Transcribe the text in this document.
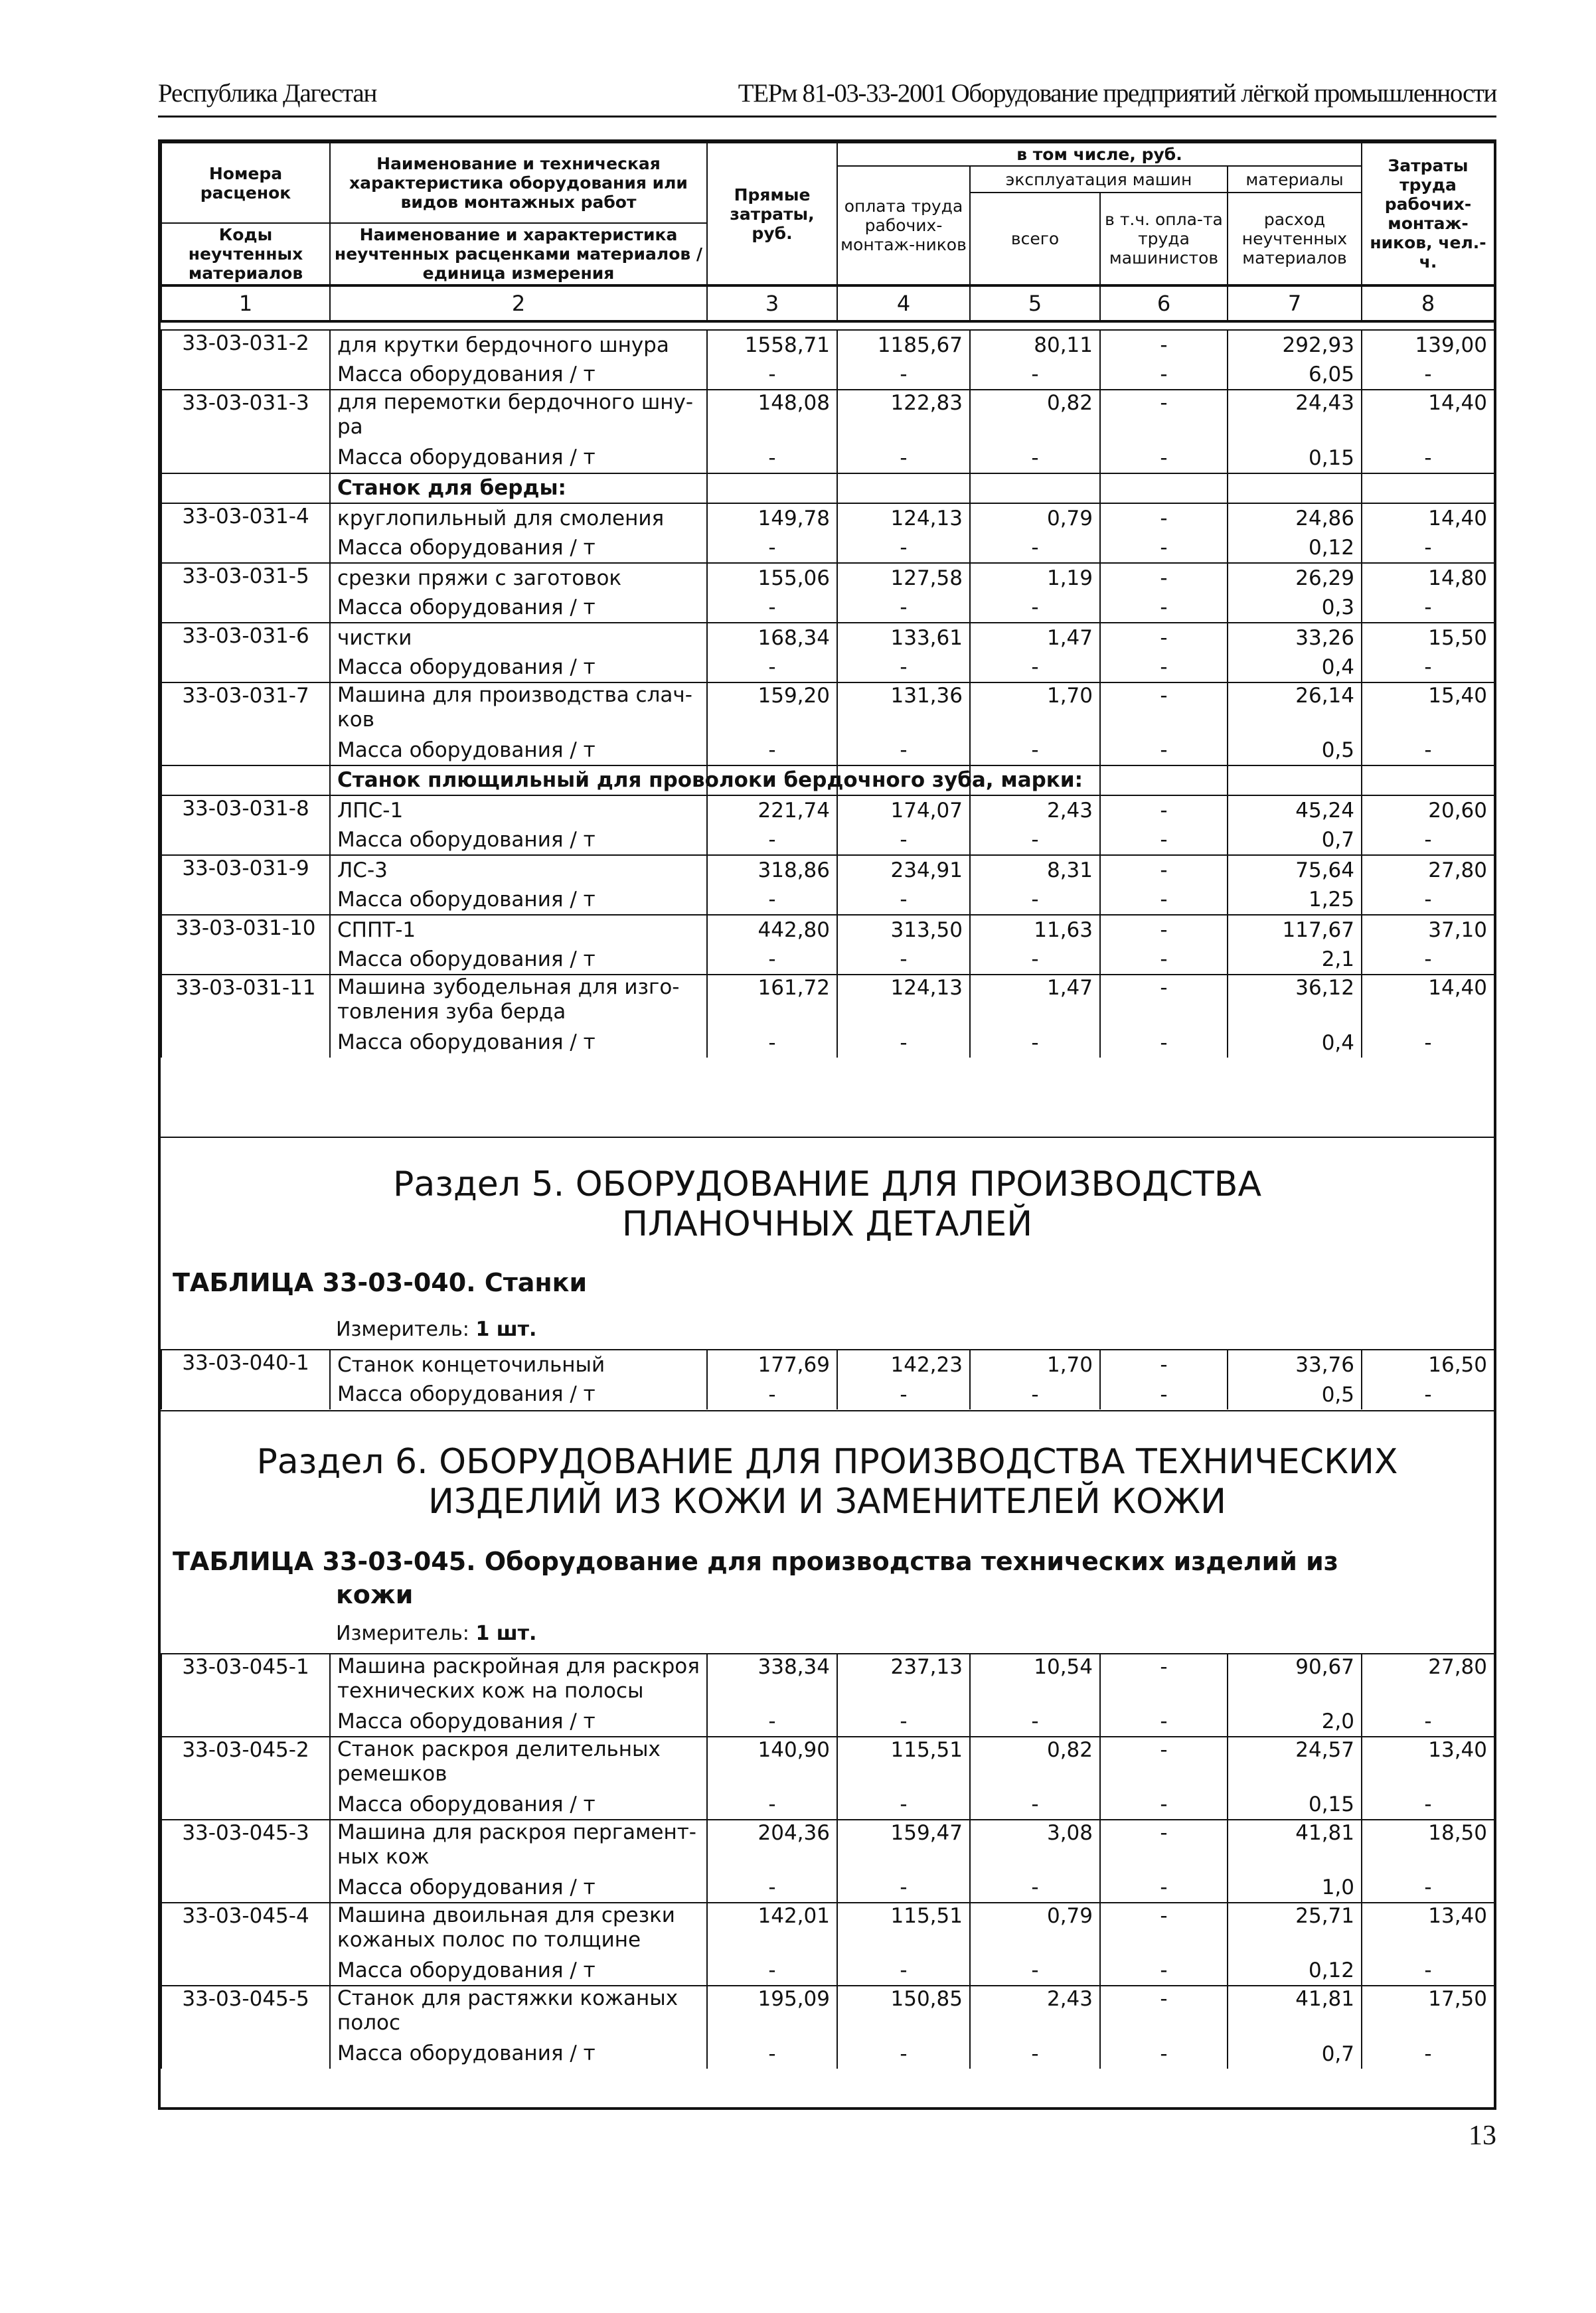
Республика Дагестан	ТЕРм 81-03-33-2001 Оборудование предприятий лёгкой промышленности
Номера расценок	Наименование и техническая характеристика оборудования или видов монтажных работ	Прямые затраты, руб.	в том числе, руб.				Затраты труда рабочих-монтаж-ников, чел.-ч.
			оплата труда рабочих-монтаж-ников	эксплуатация машин		материалы	
				всего	в т.ч. опла-та труда машинистов	расход неучтенных материалов	
Коды неучтенных материалов	Наименование и характеристика неучтенных расценками материалов / единица измерения						

1	2	3	4	5	6	7	8
33-03-031-2	для крутки бердочного шнура	1558,71	1185,67	80,11	-	292,93	139,00
	Масса оборудования / т	-	-	-	-	6,05	-
33-03-031-3	для перемотки бердочного шну-ра	148,08	122,83	0,82	-	24,43	14,40
	Масса оборудования / т	-	-	-	-	0,15	-

	Станок для берды:						
33-03-031-4	круглопильный для смоления	149,78	124,13	0,79	-	24,86	14,40
	Масса оборудования / т	-	-	-	-	0,12	-
33-03-031-5	срезки пряжи с заготовок	155,06	127,58	1,19	-	26,29	14,80
	Масса оборудования / т	-	-	-	-	0,3	-
33-03-031-6	чистки	168,34	133,61	1,47	-	33,26	15,50
	Масса оборудования / т	-	-	-	-	0,4	-
33-03-031-7	Машина для производства слач-ков	159,20	131,36	1,70	-	26,14	15,40
	Масса оборудования / т	-	-	-	-	0,5	-
	Станок плющильный для проволоки бердочного зуба, марки:						
33-03-031-8	ЛПС-1	221,74	174,07	2,43	-	45,24	20,60
	Масса оборудования / т	-	-	-	-	0,7	-
33-03-031-9	ЛС-3	318,86	234,91	8,31	-	75,64	27,80
	Масса оборудования / т	-	-	-	-	1,25	-
33-03-031-10	СППТ-1	442,80	313,50	11,63	-	117,67	37,10
	Масса оборудования / т	-	-	-	-	2,1	-
33-03-031-11	Машина зубодельная для изго-товления зуба берда	161,72	124,13	1,47	-	36,12	14,40
	Масса оборудования / т	-	-	-	-	0,4	-
Раздел 5. ОБОРУДОВАНИЕ ДЛЯ ПРОИЗВОДСТВА
ПЛАНОЧНЫХ ДЕТАЛЕЙ
ТАБЛИЦА 33-03-040. Станки
Измеритель: 1 шт.
33-03-040-1	Станок концеточильный	177,69	142,23	1,70	-	33,76	16,50
	Масса оборудования / т	-	-	-	-	0,5	-
Раздел 6. ОБОРУДОВАНИЕ ДЛЯ ПРОИЗВОДСТВА ТЕХНИЧЕСКИХ
ИЗДЕЛИЙ ИЗ КОЖИ И ЗАМЕНИТЕЛЕЙ КОЖИ
ТАБЛИЦА 33-03-045. Оборудование для производства технических изделий из
кожи
Измеритель: 1 шт.
33-03-045-1	Машина раскройная для раскроя технических кож на полосы	338,34	237,13	10,54	-	90,67	27,80
	Масса оборудования / т	-	-	-	-	2,0	-
33-03-045-2	Станок раскроя делительных ремешков	140,90	115,51	0,82	-	24,57	13,40
	Масса оборудования / т	-	-	-	-	0,15	-
33-03-045-3	Машина для раскроя пергамент-ных кож	204,36	159,47	3,08	-	41,81	18,50
	Масса оборудования / т	-	-	-	-	1,0	-
33-03-045-4	Машина двоильная для срезки кожаных полос по толщине	142,01	115,51	0,79	-	25,71	13,40
	Масса оборудования / т	-	-	-	-	0,12	-
33-03-045-5	Станок для растяжки кожаных полос	195,09	150,85	2,43	-	41,81	17,50
	Масса оборудования / т	-	-	-	-	0,7	-
13
